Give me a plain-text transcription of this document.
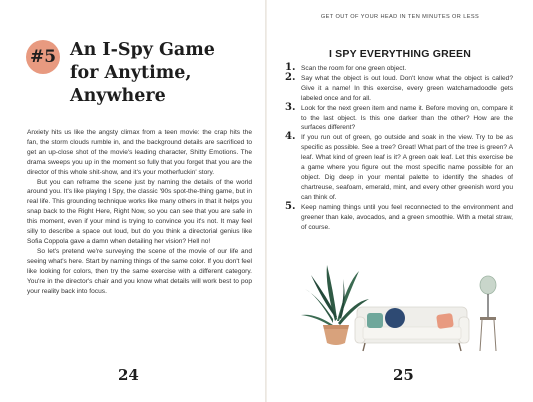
#5 An I-Spy Game
for Anytime,
Anywhere

Anxiety hits us like the angsty climax from a teen movie: the crap hits the fan, the storm clouds rumble in, and the background details are sacrificed to get an up-close shot of the movie's leading character, Shitty Emotions. The drama sweeps you up in the moment so fully that you forget that you are the director of this whole shit-show, and it's your motherfuckin' story.

But you can reframe the scene just by naming the details of the world around you. It's like playing I Spy, the classic '90s spot-the-thing game, but in real life. This grounding technique works like many others in that it helps you snap back to the Right Here, Right Now, so you can see that you are safe in this moment, even if your mind is trying to convince you it's not. It may feel silly to describe a space out loud, but do you think a directorial genius like Sofia Coppola gave a damn when detailing her vision? Hell no!

So let's pretend we're surveying the scene of the movie of our life and seeing what's here. Start by naming things of the same color. If you don't feel like looking for colors, then try the same exercise with a different category. You're in the director's chair and you know what details will work best to pop your reality back into focus.

24
GET OUT OF YOUR HEAD IN TEN MINUTES OR LESS
I SPY EVERYTHING GREEN
1. Scan the room for one green object.
2. Say what the object is out loud. Don't know what the object is called? Give it a name! In this exercise, every green watchamadoodle gets labeled once and for all.
3. Look for the next green item and name it. Before moving on, compare it to the last object. Is this one darker than the other? How are the surfaces different?
4. If you run out of green, go outside and soak in the view. Try to be as specific as possible. See a tree? Great! What part of the tree is green? A leaf. What kind of green leaf is it? A green oak leaf. Let this exercise be a game where you figure out the most specific name possible for an object. Dig deep in your mental palette to identify the shades of chartreuse, seafoam, emerald, mint, and every other greenish word you can think of.
5. Keep naming things until you feel reconnected to the environment and greener than kale, avocados, and a green smoothie. With a metal straw, of course.
25
